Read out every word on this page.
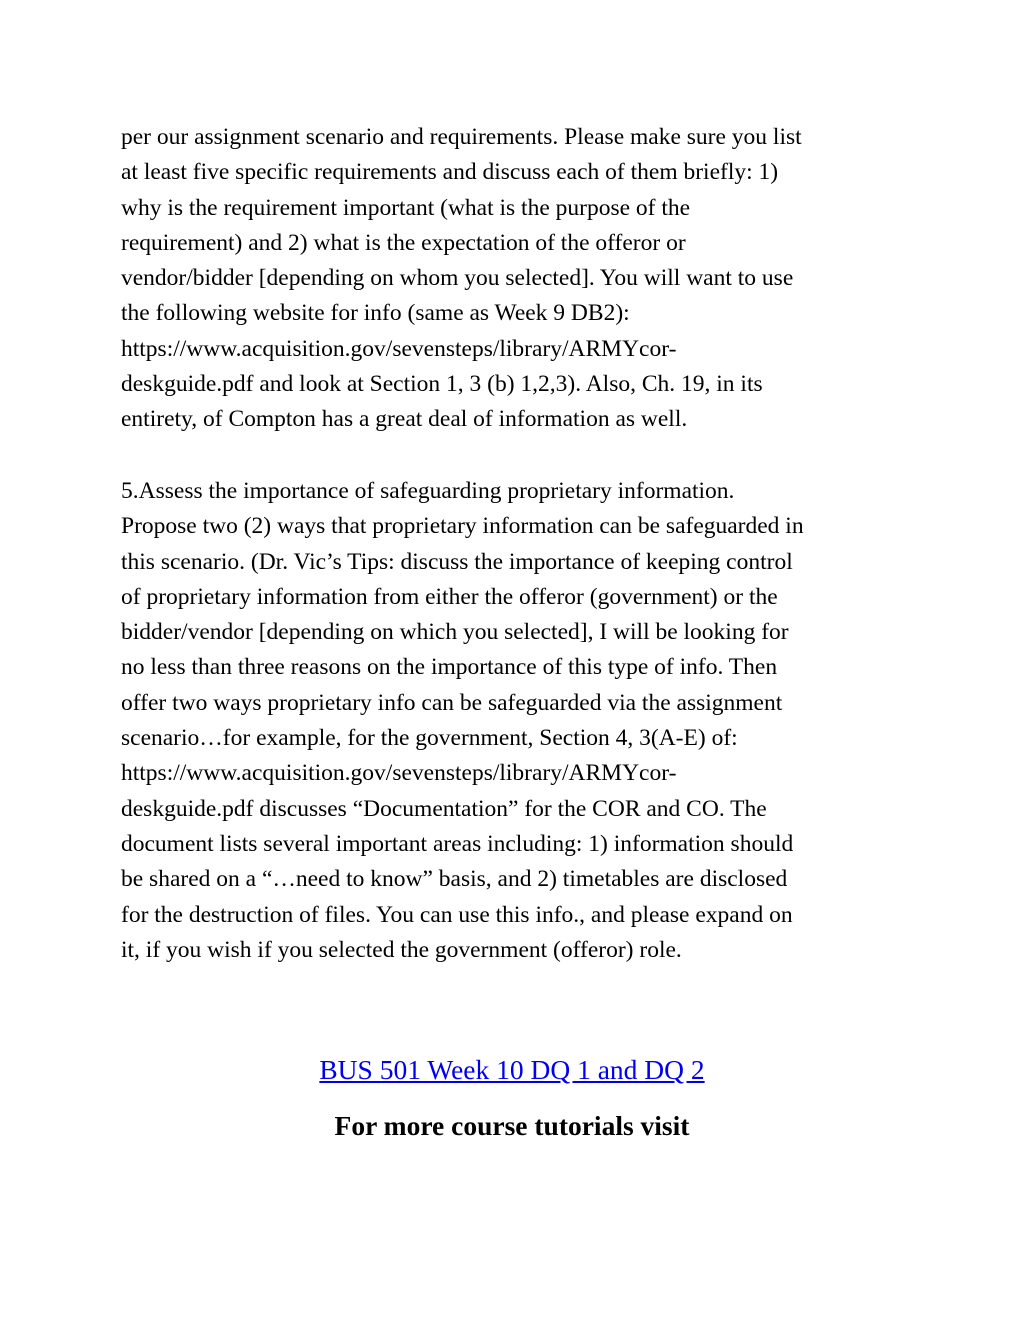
per our assignment scenario and requirements. Please make sure you list
at least five specific requirements and discuss each of them briefly: 1)
why is the requirement important (what is the purpose of the
requirement) and 2) what is the expectation of the offeror or
vendor/bidder [depending on whom you selected]. You will want to use
the following website for info (same as Week 9 DB2):
https://www.acquisition.gov/sevensteps/library/ARMYcor-
deskguide.pdf and look at Section 1, 3 (b) 1,2,3). Also, Ch. 19, in its
entirety, of Compton has a great deal of information as well.
5.Assess the importance of safeguarding proprietary information.
Propose two (2) ways that proprietary information can be safeguarded in
this scenario. (Dr. Vic’s Tips: discuss the importance of keeping control
of proprietary information from either the offeror (government) or the
bidder/vendor [depending on which you selected], I will be looking for
no less than three reasons on the importance of this type of info. Then
offer two ways proprietary info can be safeguarded via the assignment
scenario…for example, for the government, Section 4, 3(A-E) of:
https://www.acquisition.gov/sevensteps/library/ARMYcor-
deskguide.pdf discusses “Documentation” for the COR and CO. The
document lists several important areas including: 1) information should
be shared on a “…need to know” basis, and 2) timetables are disclosed
for the destruction of files. You can use this info., and please expand on
it, if you wish if you selected the government (offeror) role.
BUS 501 Week 10 DQ 1 and DQ 2
For more course tutorials visit
